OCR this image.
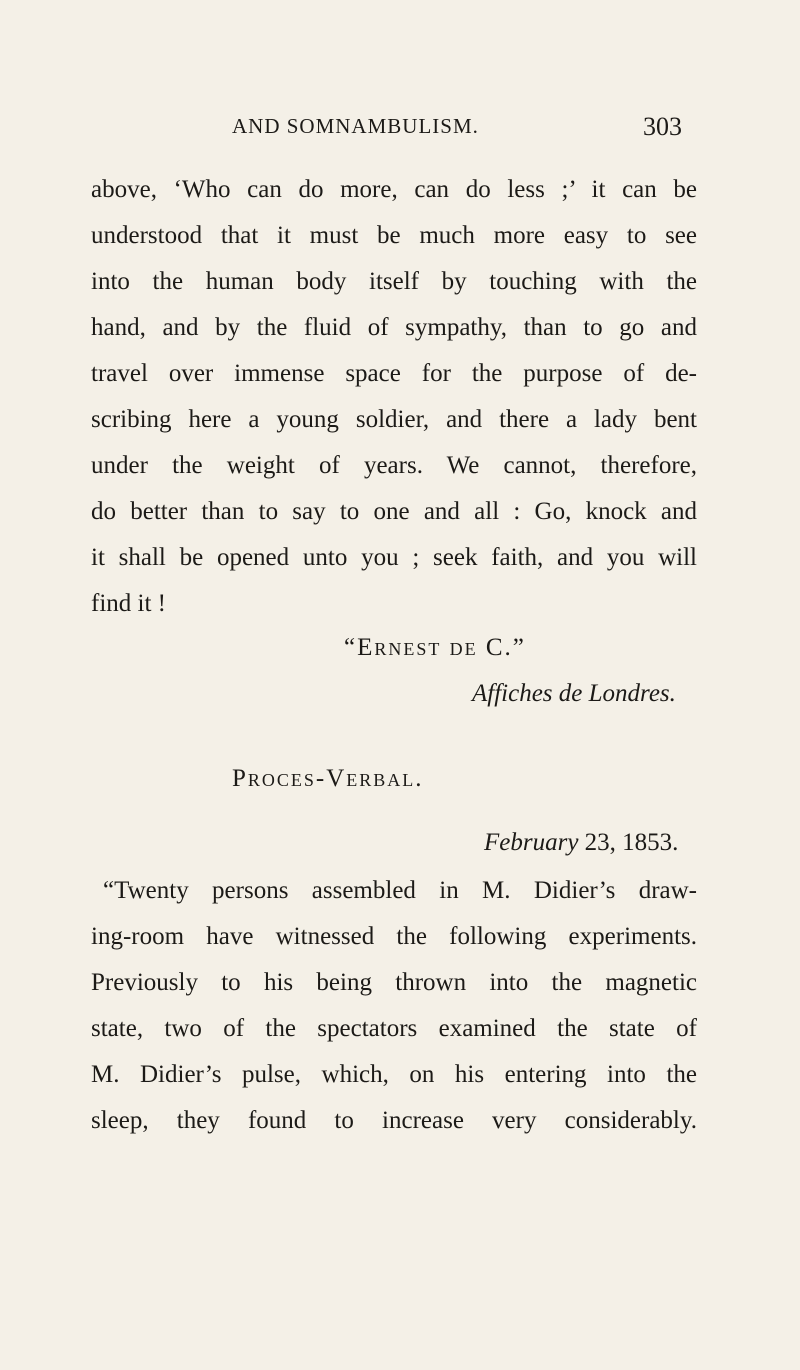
AND SOMNAMBULISM.	303
above, ‘Who can do more, can do less ;’ it can be
understood that it must be much more easy to see
into the human body itself by touching with the
hand, and by the fluid of sympathy, than to go and
travel over immense space for the purpose of de-
scribing here a young soldier, and there a lady bent
under the weight of years. We cannot, therefore,
do better than to say to one and all : Go, knock and
it shall be opened unto you ; seek faith, and you will
find it !
“Ernest de C.”
Affiches de Londres.
Proces-Verbal.
February 23, 1853.
“Twenty persons assembled in M. Didier’s draw-
ing-room have witnessed the following experiments.
Previously to his being thrown into the magnetic
state, two of the spectators examined the state of
M. Didier’s pulse, which, on his entering into the
sleep, they found to increase very considerably.
